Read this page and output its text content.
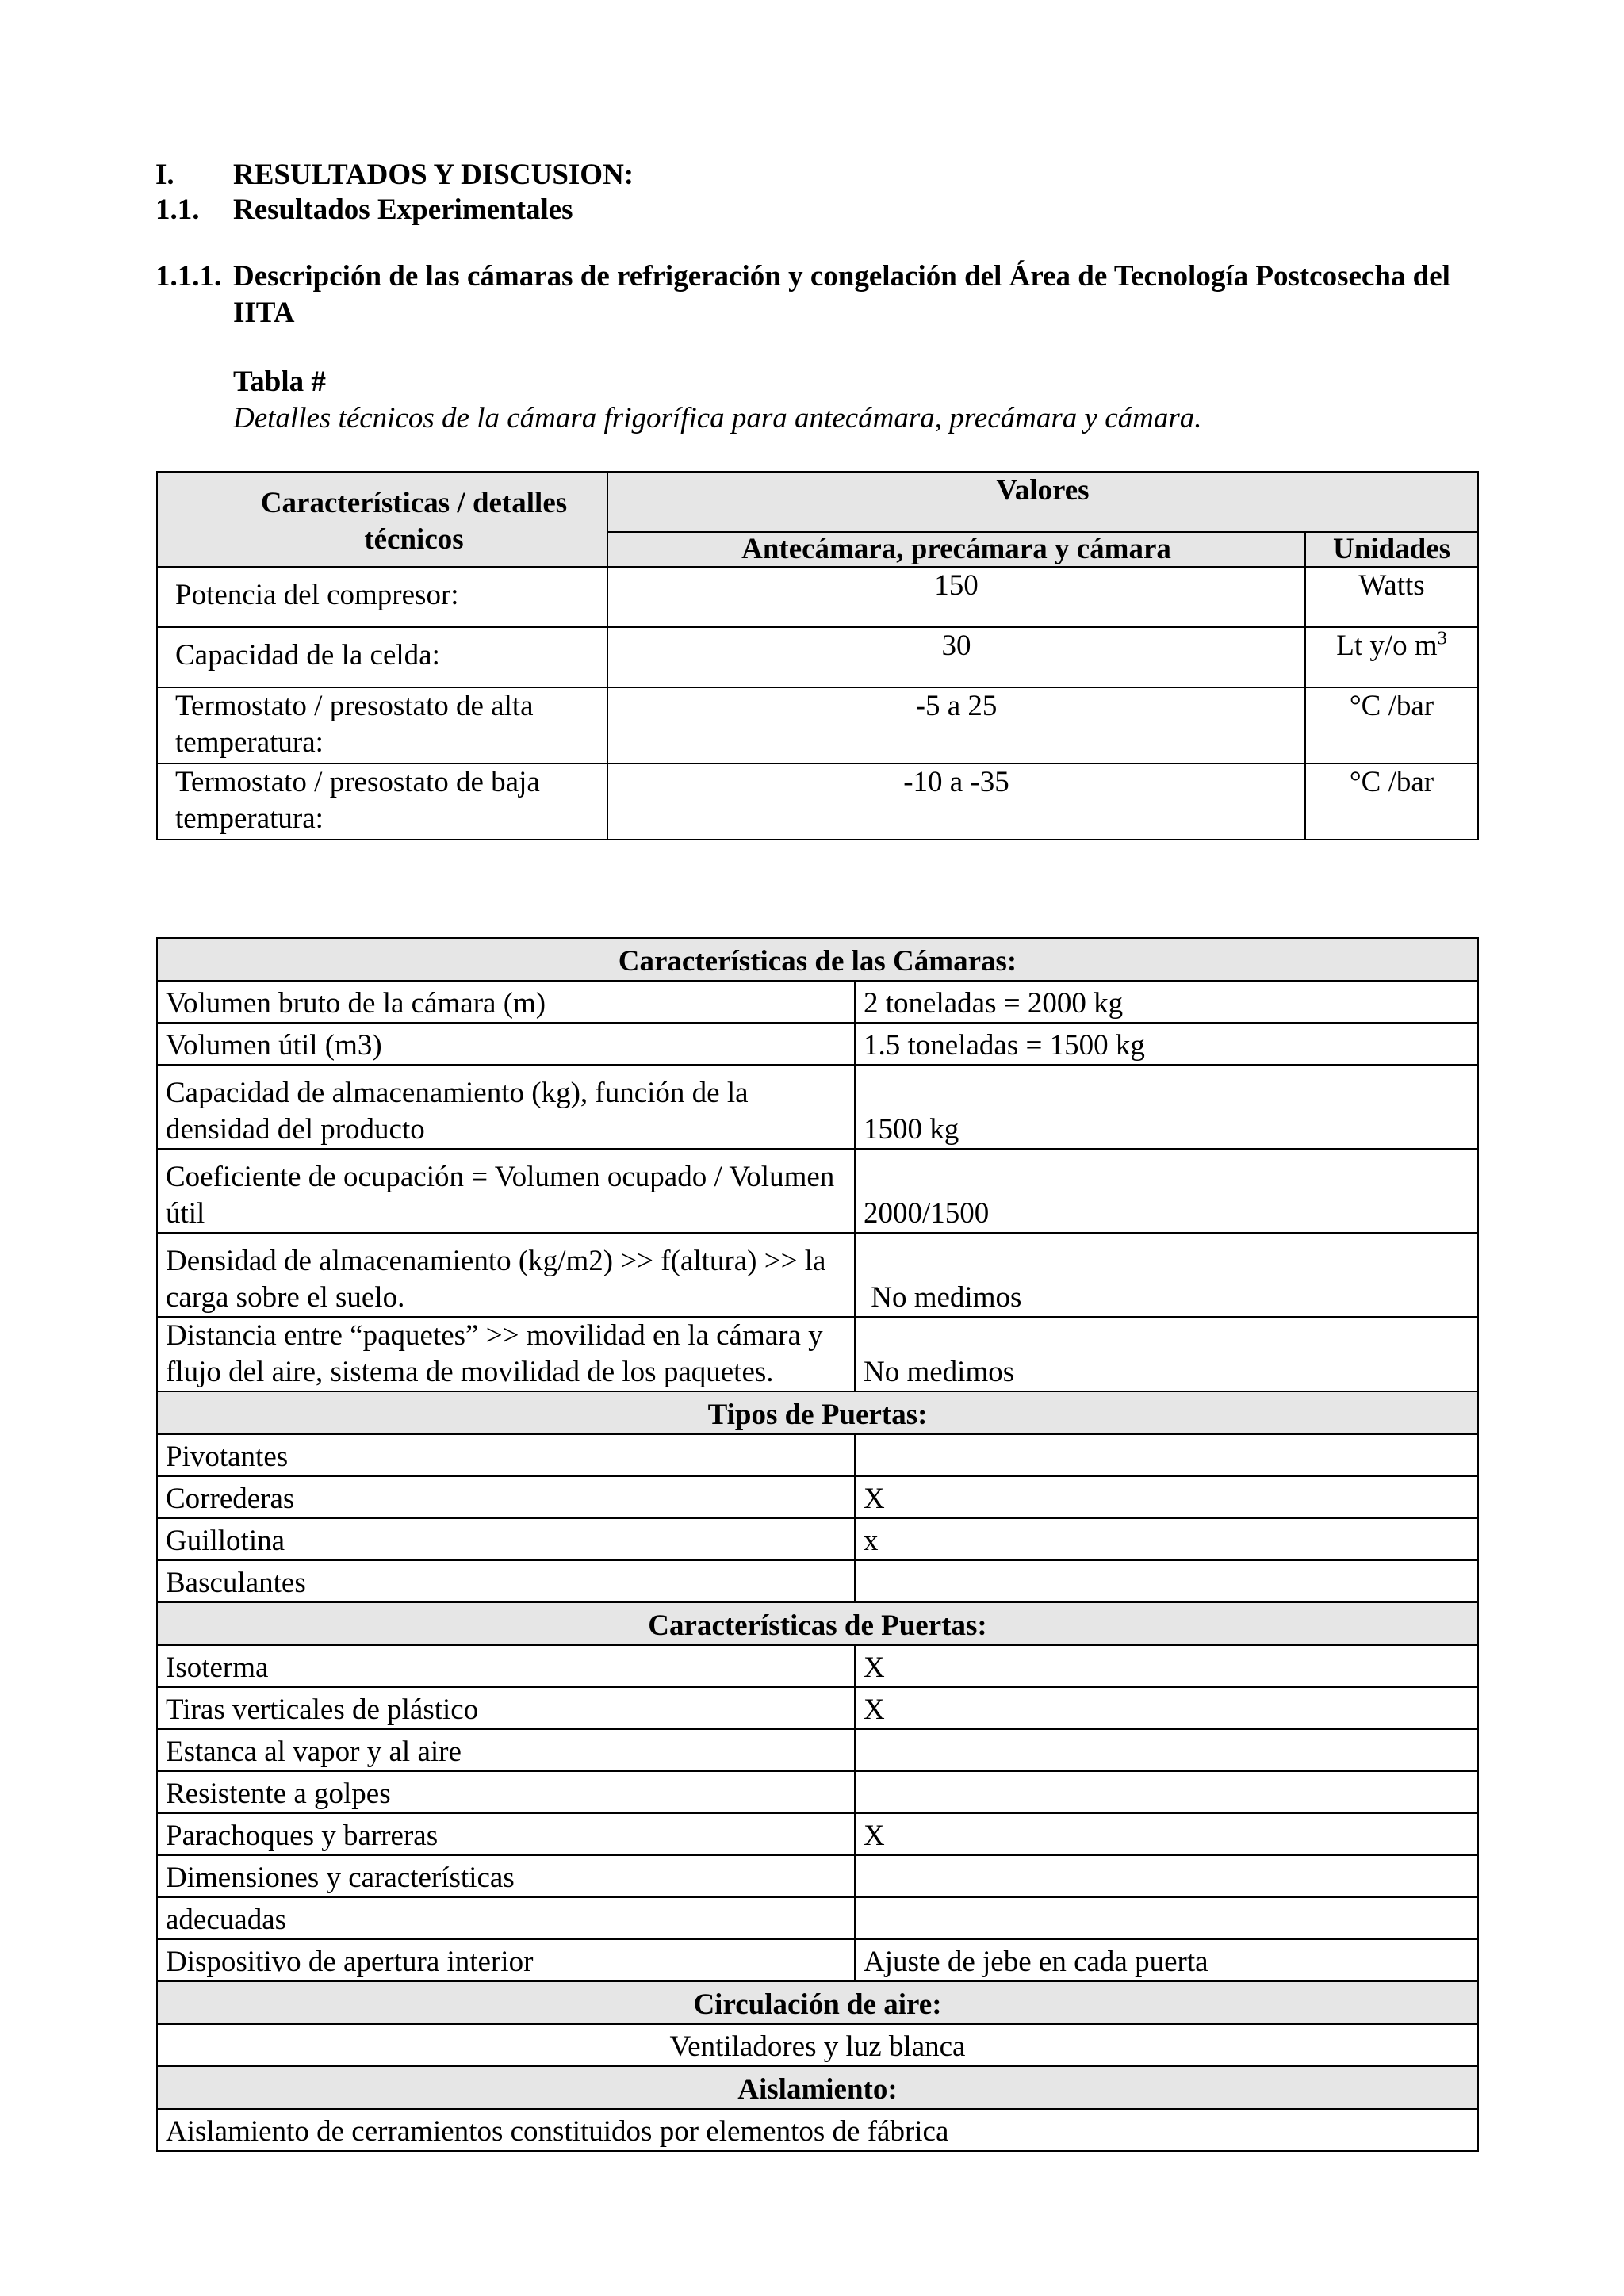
I. RESULTADOS Y DISCUSION:
1.1. Resultados Experimentales
1.1.1. Descripción de las cámaras de refrigeración y congelación del Área de Tecnología Postcosecha del IITA
Tabla #
Detalles técnicos de la cámara frigorífica para antecámara, precámara y cámara.
Características / detalles técnicos	Valores	
	Antecámara, precámara y cámara	Unidades
Potencia del compresor:	150	Watts
Capacidad de la celda:	30	Lt y/o $m^3$
Termostato / presostato de alta temperatura:	-5 a 25	°C /bar
Termostato / presostato de baja temperatura:	-10 a -35	°C /bar
Características de las Cámaras:	
Volumen bruto de la cámara (m)	2 toneladas = 2000 kg
Volumen útil (m3)	1.5 toneladas = 1500 kg
Capacidad de almacenamiento (kg), función de la densidad del producto	1500 kg
Coeficiente de ocupación = Volumen ocupado / Volumen útil	2000/1500
Densidad de almacenamiento (kg/m2) >> f(altura) >> la carga sobre el suelo.	No medimos
Distancia entre “paquetes” >> movilidad en la cámara y flujo del aire, sistema de movilidad de los paquetes.	No medimos
Tipos de Puertas:	
Pivotantes	
Correderas	X
Guillotina	x
Basculantes	
Características de Puertas:	
Isoterma	X
Tiras verticales de plástico	X
Estanca al vapor y al aire	
Resistente a golpes	
Parachoques y barreras	X
Dimensiones y características	
adecuadas	
Dispositivo de apertura interior	Ajuste de jebe en cada puerta
Circulación de aire:	
Ventiladores y luz blanca	
Aislamiento:	
Aislamiento de cerramientos constituidos por elementos de fábrica	
